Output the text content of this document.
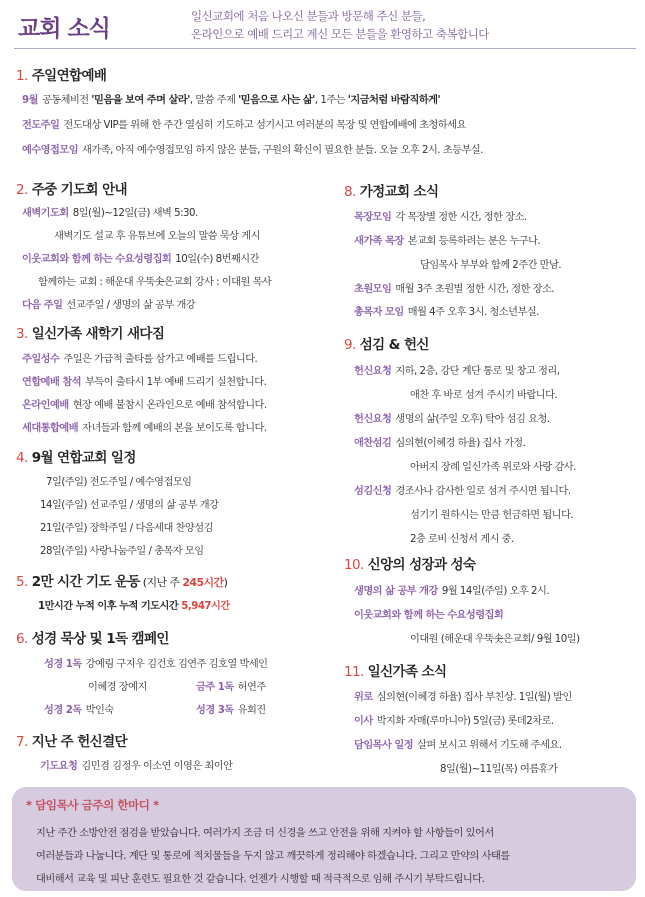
교회 소식	일신교회에 처음 나오신 분들과 방문해 주신 분들,
온라인으로 예배 드리고 계신 모든 분들을 환영하고 축복합니다
1. 주일연합예배
9월 공동체비전 '믿음을 보여 주며 살라', 말씀 주제 '믿음으로 사는 삶', 1주는 '지금처럼 바람직하게'
전도주일 전도대상 VIP를 위해 한 주간 열심히 기도하고 섬기시고 여러분의 목장 및 연합예배에 초청하세요
예수영접모임 새가족, 아직 예수영접모임 하지 않은 분들, 구원의 확신이 필요한 분들. 오늘 오후 2시. 초등부실.
2. 주중 기도회 안내
새벽기도회 8일(월)~12일(금) 새벽 5:30.
새벽기도 설교 후 유튜브에 오늘의 말씀 묵상 게시
이웃교회와 함께 하는 수요성령집회 10일(수) 8번째시간
함께하는 교회 : 해운대 우뚝솟은교회 강사 : 이대원 목사
다음 주일 선교주일 / 생명의 삶 공부 개강
3. 일신가족 새학기 새다짐
주일성수 주일은 가급적 출타를 삼가고 예배를 드립니다.
연합예배 참석 부득이 출타시 1부 예배 드리기 실천합니다.
온라인예배 현장 예배 불참시 온라인으로 예배 참석합니다.
세대통합예배 자녀들과 함께 예배의 본을 보이도록 합니다.
4. 9월 연합교회 일정
7일(주일) 전도주일 / 예수영접모임
14일(주일) 선교주일 / 생명의 삶 공부 개강
21일(주일) 장학주일 / 다음세대 찬양섬김
28일(주일) 사랑나눔주일 / 총목자 모임
5. 2만 시간 기도 운동 (지난 주 245시간)
1만시간 누적 이후 누적 기도시간 5,947시간
6. 성경 묵상 및 1독 캠페인
성경 1독 강예림 구지우 김건호 김연주 김호열 박세인
이혜경 장예지	금주 1독 허연주
성경 2독 박인숙	성경 3독 유회진
7. 지난 주 헌신결단
기도요청 김민겸 김정우 이소연 이영은 최이안
8. 가정교회 소식
목장모임 각 목장별 정한 시간, 정한 장소.
새가족 목장 본교회 등록하려는 분은 누구나.
담임목사 부부와 함께 2주간 만남.
초원모임 매월 3주 초원별 정한 시간, 정한 장소.
총목자 모임 매월 4주 오후 3시. 청소년부실.
9. 섬김 & 헌신
헌신요청 지하, 2층, 강단 계단 통로 및 창고 정리,
애찬 후 바로 섬겨 주시기 바랍니다.
헌신요청 생명의 삶(주일 오후) 탁아 섬김 요청.
애찬섬김 심의현(이혜경 하율) 집사 가정.
아버지 장례 일신가족 위로와 사랑 감사.
섬김신청 경조사나 감사한 일로 섬겨 주시면 됩니다.
섬기기 원하시는 만큼 헌금하면 됩니다.
2층 로비 신청서 게시 중.
10. 신앙의 성장과 성숙
생명의 삶 공부 개강 9월 14일(주일) 오후 2시.
이웃교회와 함께 하는 수요성령집회
이대원 (해운대 우뚝솟은교회/ 9월 10일)
11. 일신가족 소식
위로 심의현(이혜경 하율) 집사 부친상. 1일(월) 발인
이사 박지화 자매(루마니아) 5일(금) 롯데2차로.
담임목사 일정 살펴 보시고 위해서 기도해 주세요.
8일(월)~11일(목) 여름휴가
* 담임목사 금주의 한마디 *
지난 주간 소방안전 점검을 받았습니다. 여러가지 조금 더 신경을 쓰고 안전을 위해 지켜야 할 사항들이 있어서
여러분들과 나눕니다. 계단 및 통로에 적치물들을 두지 않고 깨끗하게 정리해야 하겠습니다. 그리고 만약의 사태를
대비해서 교육 및 피난 훈련도 필요한 것 같습니다. 언젠가 시행할 때 적극적으로 임해 주시기 부탁드립니다.
